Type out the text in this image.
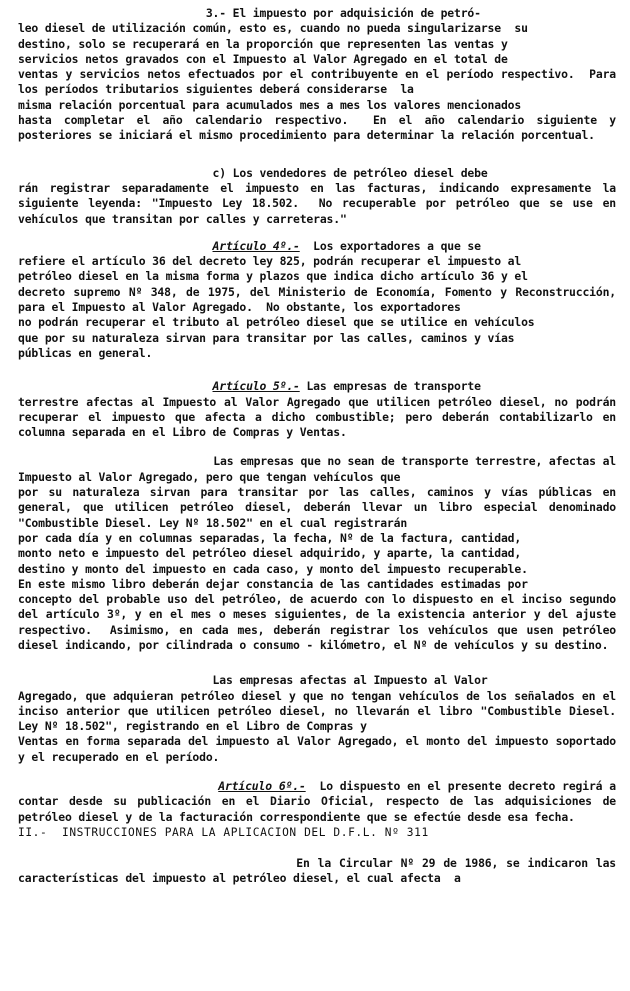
3.- El impuesto por adquisición de petró-
leo diesel de utilización común, esto es, cuando no pueda singularizarse  su
destino, solo se recuperará en la proporción que representen las ventas y
servicios netos gravados con el Impuesto al Valor Agregado en el total de
ventas y servicios netos efectuados por el contribuyente en el período respectivo.  Para los períodos tributarios siguientes deberá considerarse  la
misma relación porcentual para acumulados mes a mes los valores mencionados
hasta completar el año calendario respectivo.  En el año calendario siguiente y posteriores se iniciará el mismo procedimiento para determinar la relación porcentual.

c) Los vendedores de petróleo diesel debe
rán registrar separadamente el impuesto en las facturas, indicando expresamente la siguiente leyenda: "Impuesto Ley 18.502.  No recuperable por petróleo que se use en vehículos que transitan por calles y carreteras."

Artículo 4º.-  Los exportadores a que se
refiere el artículo 36 del decreto ley 825, podrán recuperar el impuesto al
petróleo diesel en la misma forma y plazos que indica dicho artículo 36 y el
decreto supremo Nº 348, de 1975, del Ministerio de Economía, Fomento y Reconstrucción, para el Impuesto al Valor Agregado.  No obstante, los exportadores
no podrán recuperar el tributo al petróleo diesel que se utilice en vehículos
que por su naturaleza sirvan para transitar por las calles, caminos y vías
públicas en general.

Artículo 5º.- Las empresas de transporte
terrestre afectas al Impuesto al Valor Agregado que utilicen petróleo diesel, no podrán recuperar el impuesto que afecta a dicho combustible; pero deberán contabilizarlo en columna separada en el Libro de Compras y Ventas.

Las empresas que no sean de transporte terrestre, afectas al Impuesto al Valor Agregado, pero que tengan vehículos que
por su naturaleza sirvan para transitar por las calles, caminos y vías públicas en general, que utilicen petróleo diesel, deberán llevar un libro especial denominado "Combustible Diesel. Ley Nº 18.502" en el cual registrarán
por cada día y en columnas separadas, la fecha, Nº de la factura, cantidad,
monto neto e impuesto del petróleo diesel adquirido, y aparte, la cantidad,
destino y monto del impuesto en cada caso, y monto del impuesto recuperable.
En este mismo libro deberán dejar constancia de las cantidades estimadas por
concepto del probable uso del petróleo, de acuerdo con lo dispuesto en el inciso segundo del artículo 3º, y en el mes o meses siguientes, de la existencia anterior y del ajuste respectivo.  Asimismo, en cada mes, deberán registrar los vehículos que usen petróleo diesel indicando, por cilindrada o consumo - kilómetro, el Nº de vehículos y su destino.

Las empresas afectas al Impuesto al Valor
Agregado, que adquieran petróleo diesel y que no tengan vehículos de los señalados en el inciso anterior que utilicen petróleo diesel, no llevarán el libro "Combustible Diesel. Ley Nº 18.502", registrando en el Libro de Compras y
Ventas en forma separada del impuesto al Valor Agregado, el monto del impuesto soportado y el recuperado en el período.

Artículo 6º.-  Lo dispuesto en el presente decreto regirá a contar desde su publicación en el Diario Oficial, respecto de las adquisiciones de petróleo diesel y de la facturación correspondiente que se efectúe desde esa fecha.

II.-  INSTRUCCIONES PARA LA APLICACION DEL D.F.L. Nº 311

En la Circular Nº 29 de 1986, se indicaron las características del impuesto al petróleo diesel, el cual afecta  a
